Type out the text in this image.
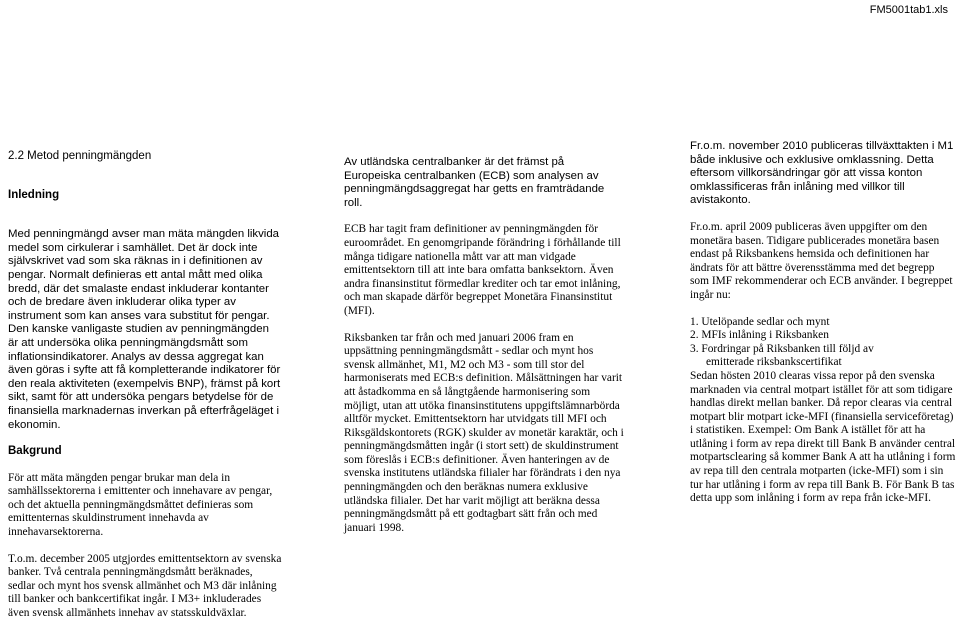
FM5001tab1.xls
2.2 Metod penningmängden
Inledning

Med penningmängd avser man mäta mängden likvida medel som cirkulerar i samhället. Det är dock inte självskrivet vad som ska räknas in i definitionen av pengar. Normalt definieras ett antal mått med olika bredd, där det smalaste endast inkluderar kontanter och de bredare även inkluderar olika typer av instrument som kan anses vara substitut för pengar. Den kanske vanligaste studien av penningmängden är att undersöka olika penningmängdsmått som inflationsindikatorer. Analys av dessa aggregat kan även göras i syfte att få kompletterande indikatorer för den reala aktiviteten (exempelvis BNP), främst på kort sikt, samt för att undersöka pengars betydelse för de finansiella marknadernas inverkan på efterfrågeläget i ekonomin.

Bakgrund

För att mäta mängden pengar brukar man dela in samhällssektorerna i emittenter och innehavare av pengar, och det aktuella penningmängdsmåttet definieras som emittenternas skuldinstrument innehavda av innehavarsektorerna.

T.o.m. december 2005 utgjordes emittentsektorn av svenska banker. Två centrala penningmängdsmått beräknades, sedlar och mynt hos svensk allmänhet och M3 där inlåning till banker och bankcertifikat ingår. I M3+ inkluderades även svensk allmänhets innehav av statsskuldväxlar.

Av utländska centralbanker är det främst på Europeiska centralbanken (ECB) som analysen av penningmängdsaggregat har getts en framträdande roll.

ECB har tagit fram definitioner av penningmängden för euroområdet. En genomgripande förändring i förhållande till många tidigare nationella mått var att man vidgade emittentsektorn till att inte bara omfatta banksektorn. Även andra finansinstitut förmedlar krediter och tar emot inlåning, och man skapade därför begreppet Monetära Finansinstitut (MFI).

Riksbanken tar från och med januari 2006 fram en uppsättning penningmängdsmått - sedlar och mynt hos svensk allmänhet, M1, M2 och M3 - som till stor del harmoniserats med ECB:s definition. Målsättningen har varit att åstadkomma en så långtgående harmonisering som möjligt, utan att utöka finansinstitutens uppgiftslämnarbörda alltför mycket. Emittentsektorn har utvidgats till MFI och Riksgäldskontorets (RGK) skulder av monetär karaktär, och i penningmängdsmåtten ingår (i stort sett) de skuldinstrument som föreslås i ECB:s definitioner. Även hanteringen av de svenska institutens utländska filialer har förändrats i den nya penningmängden och den beräknas numera exklusive utländska filialer. Det har varit möjligt att beräkna dessa penningmängdsmått på ett godtagbart sätt från och med januari 1998.

Fr.o.m. november 2010 publiceras tillväxttakten i M1 både inklusive och exklusive omklassning. Detta eftersom villkorsändringar gör att vissa konton omklassificeras från inlåning med villkor till avistakonto.

Fr.o.m. april 2009 publiceras även uppgifter om den monetära basen. Tidigare publicerades monetära basen endast på Riksbankens hemsida och definitionen har ändrats för att bättre överensstämma med det begrepp som IMF rekommenderar och ECB använder. I begreppet ingår nu:

1. Utelöpande sedlar och mynt
2. MFIs inlåning i Riksbanken
3. Fordringar på Riksbanken till följd av
emitterade riksbankscertifikat

Sedan hösten 2010 clearas vissa repor på den svenska marknaden via central motpart istället för att som tidigare handlas direkt mellan banker. Då repor clearas via central motpart blir motpart icke-MFI (finansiella serviceföretag) i statistiken. Exempel: Om Bank A istället för att ha utlåning i form av repa direkt till Bank B använder central motpartsclearing så kommer Bank A att ha utlåning i form av repa till den centrala motparten (icke-MFI) som i sin tur har utlåning i form av repa till Bank B. För Bank B tas detta upp som inlåning i form av repa från icke-MFI.
